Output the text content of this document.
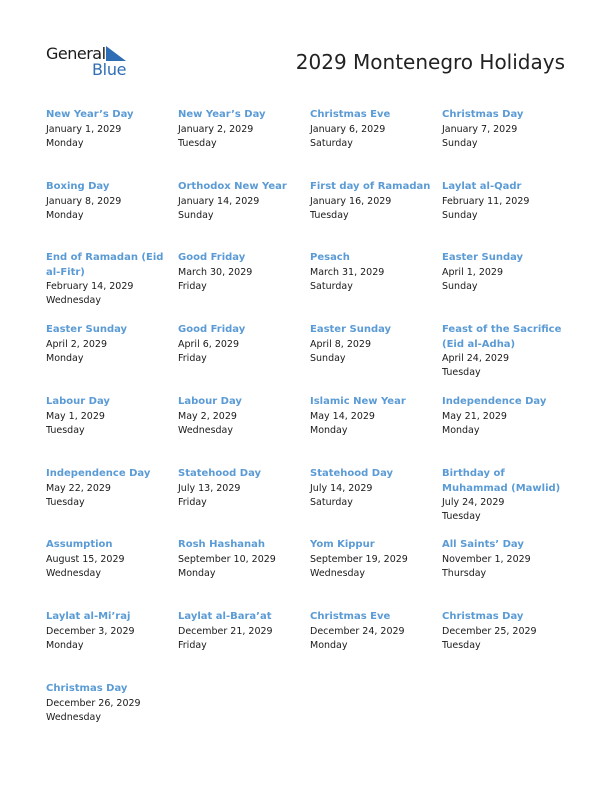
General
Blue	2029 Montenegro Holidays
New Year’s Day
January 1, 2029
Monday
New Year’s Day
January 2, 2029
Tuesday
Christmas Eve
January 6, 2029
Saturday
Christmas Day
January 7, 2029
Sunday
Boxing Day
January 8, 2029
Monday
Orthodox New Year
January 14, 2029
Sunday
First day of Ramadan
January 16, 2029
Tuesday
Laylat al-Qadr
February 11, 2029
Sunday
End of Ramadan (Eid al-Fitr)
February 14, 2029
Wednesday
Good Friday
March 30, 2029
Friday
Pesach
March 31, 2029
Saturday
Easter Sunday
April 1, 2029
Sunday
Easter Sunday
April 2, 2029
Monday
Good Friday
April 6, 2029
Friday
Easter Sunday
April 8, 2029
Sunday
Feast of the Sacrifice (Eid al-Adha)
April 24, 2029
Tuesday
Labour Day
May 1, 2029
Tuesday
Labour Day
May 2, 2029
Wednesday
Islamic New Year
May 14, 2029
Monday
Independence Day
May 21, 2029
Monday
Independence Day
May 22, 2029
Tuesday
Statehood Day
July 13, 2029
Friday
Statehood Day
July 14, 2029
Saturday
Birthday of Muhammad (Mawlid)
July 24, 2029
Tuesday
Assumption
August 15, 2029
Wednesday
Rosh Hashanah
September 10, 2029
Monday
Yom Kippur
September 19, 2029
Wednesday
All Saints’ Day
November 1, 2029
Thursday
Laylat al-Mi’raj
December 3, 2029
Monday
Laylat al-Bara’at
December 21, 2029
Friday
Christmas Eve
December 24, 2029
Monday
Christmas Day
December 25, 2029
Tuesday
Christmas Day
December 26, 2029
Wednesday
